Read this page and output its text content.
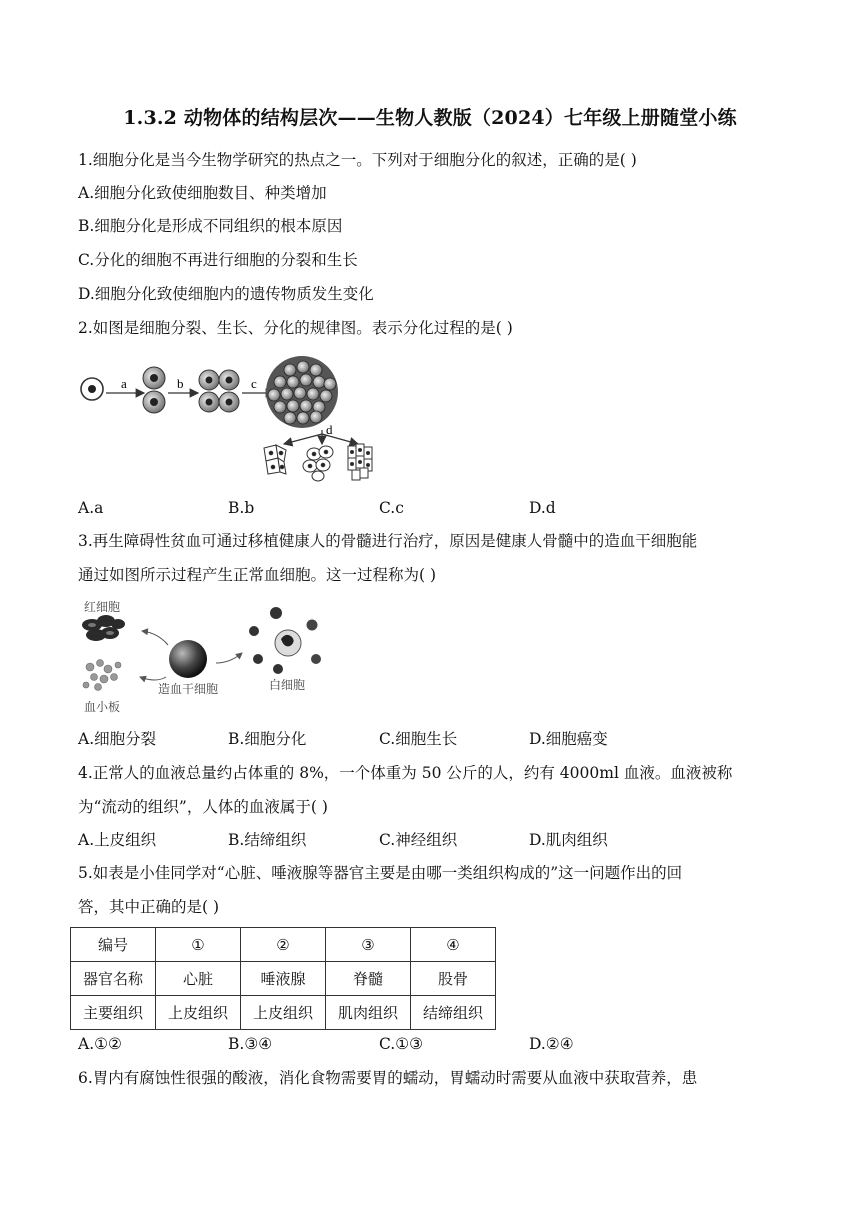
1.3.2 动物体的结构层次——生物人教版（2024）七年级上册随堂小练
1.细胞分化是当今生物学研究的热点之一。下列对于细胞分化的叙述，正确的是( )
A.细胞分化致使细胞数目、种类增加
B.细胞分化是形成不同组织的根本原因
C.分化的细胞不再进行细胞的分裂和生长
D.细胞分化致使细胞内的遗传物质发生变化
2.如图是细胞分裂、生长、分化的规律图。表示分化过程的是( )
a	b	c
d
A.a	B.b	C.c	D.d
3.再生障碍性贫血可通过移植健康人的骨髓进行治疗，原因是健康人骨髓中的造血干细胞能
通过如图所示过程产生正常血细胞。这一过程称为( )
红细胞
造血干细胞
血小板
白细胞
A.细胞分裂	B.细胞分化	C.细胞生长	D.细胞癌变
4.正常人的血液总量约占体重的 8%，一个体重为 50 公斤的人，约有 4000ml 血液。血液被称
为“流动的组织”，人体的血液属于( )
A.上皮组织	B.结缔组织	C.神经组织	D.肌肉组织
5.如表是小佳同学对“心脏、唾液腺等器官主要是由哪一类组织构成的”这一问题作出的回
答，其中正确的是( )
编号	①	②	③	④
器官名称	心脏	唾液腺	脊髓	股骨
主要组织	上皮组织	上皮组织	肌肉组织	结缔组织
A.①②	B.③④	C.①③	D.②④
6.胃内有腐蚀性很强的酸液，消化食物需要胃的蠕动，胃蠕动时需要从血液中获取营养，患
